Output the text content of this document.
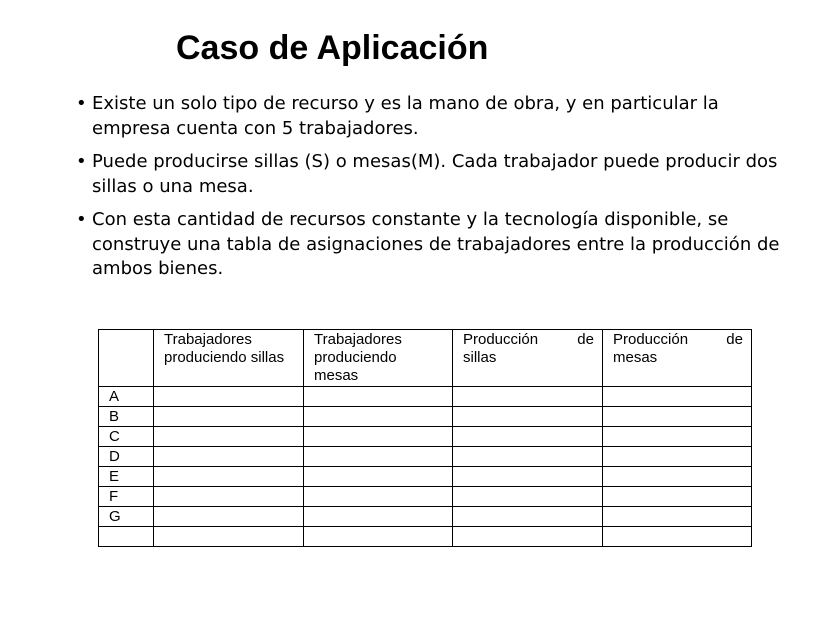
Caso de Aplicación
• Existe un solo tipo de recurso y es la mano de obra, y en particular la empresa cuenta con 5 trabajadores.
• Puede producirse sillas (S) o mesas(M). Cada trabajador puede producir dos sillas o una mesa.
• Con esta cantidad de recursos constante y la tecnología disponible, se construye una tabla de asignaciones de trabajadores entre la producción de ambos bienes.

	Trabajadores produciendo sillas	Trabajadores produciendo mesas	Producción de sillas	Producción de mesas

A				
B				
C				
D				
E				
F				
G				
